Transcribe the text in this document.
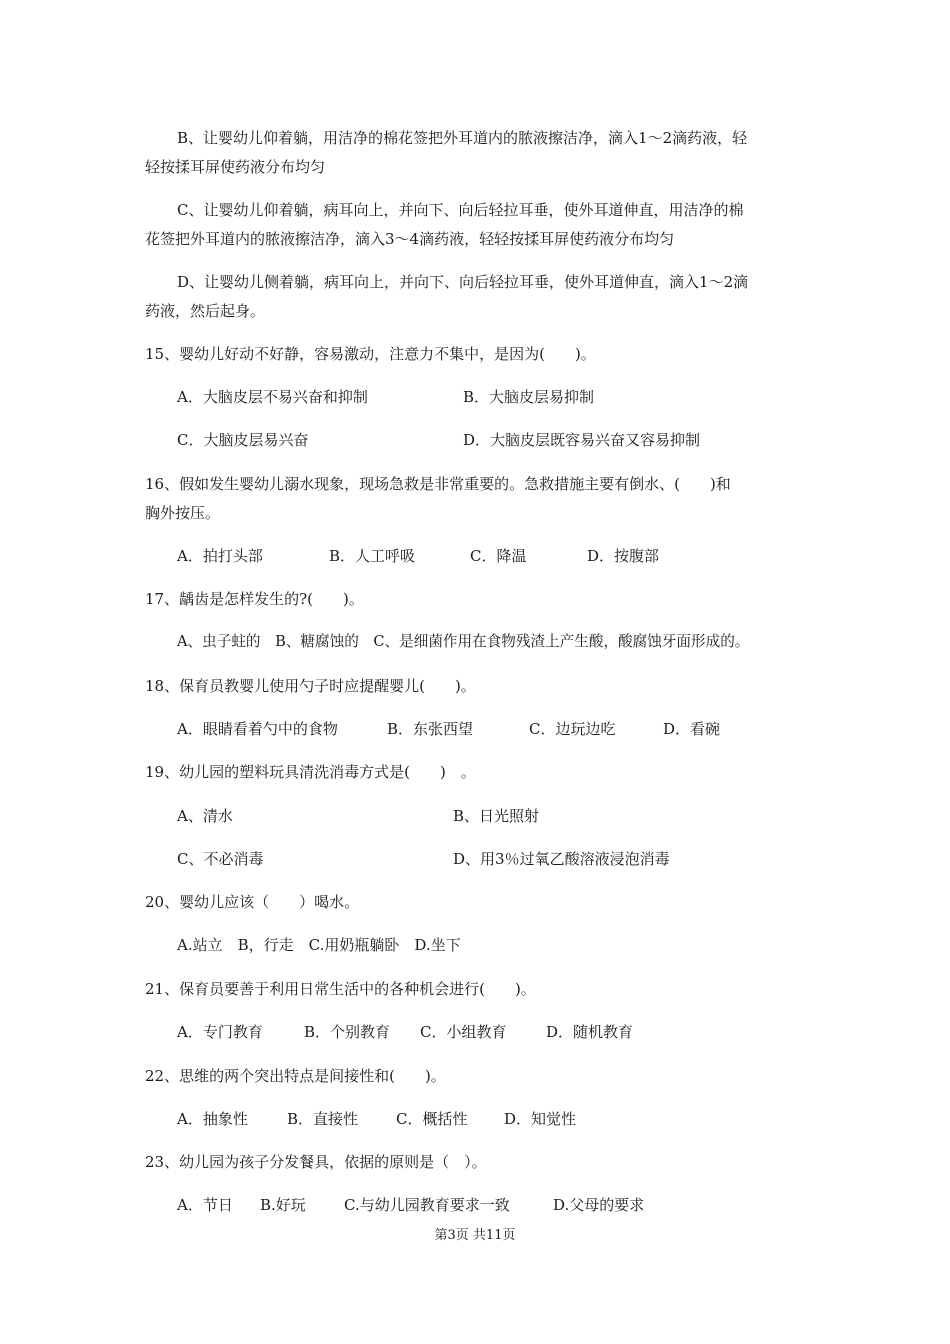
B、让婴幼儿仰着躺，用洁净的棉花签把外耳道内的脓液擦洁净，滴入1～2滴药液，轻
轻按揉耳屏使药液分布均匀
C、让婴幼儿仰着躺，病耳向上，并向下、向后轻拉耳垂，使外耳道伸直，用洁净的棉
花签把外耳道内的脓液擦洁净，滴入3～4滴药液，轻轻按揉耳屏使药液分布均匀
D、让婴幼儿侧着躺，病耳向上，并向下、向后轻拉耳垂，使外耳道伸直，滴入1～2滴
药液，然后起身。
15、婴幼儿好动不好静，容易激动，注意力不集中，是因为(　　)。
A．大脑皮层不易兴奋和抑制	B．大脑皮层易抑制
C．大脑皮层易兴奋	D．大脑皮层既容易兴奋又容易抑制
16、假如发生婴幼儿溺水现象，现场急救是非常重要的。急救措施主要有倒水、(　　)和
胸外按压。
A．拍打头部	B．人工呼吸	C．降温	D．按腹部
17、龋齿是怎样发生的?(　　)。
A、虫子蛀的　B、糖腐蚀的　C、是细菌作用在食物残渣上产生酸，酸腐蚀牙面形成的。
18、保育员教婴儿使用勺子时应提醒婴儿(　　)。
A．眼睛看着勺中的食物	B．东张西望	C．边玩边吃	D．看碗
19、幼儿园的塑料玩具清洗消毒方式是(　　)　。
A、清水	B、日光照射
C、不必消毒	D、用3％过氧乙酸溶液浸泡消毒
20、婴幼儿应该（　　）喝水。
A.站立　B，行走　C.用奶瓶躺卧　D.坐下
21、保育员要善于利用日常生活中的各种机会进行(　　)。
A．专门教育	B．个别教育 C．小组教育	D．随机教育
22、思维的两个突出特点是间接性和(　　)。
A．抽象性	B．直接性	C．概括性 D．知觉性
23、幼儿园为孩子分发餐具，依据的原则是（　）。
A．节日 B.好玩	C.与幼儿园教育要求一致	D.父母的要求
第3页 共11页
